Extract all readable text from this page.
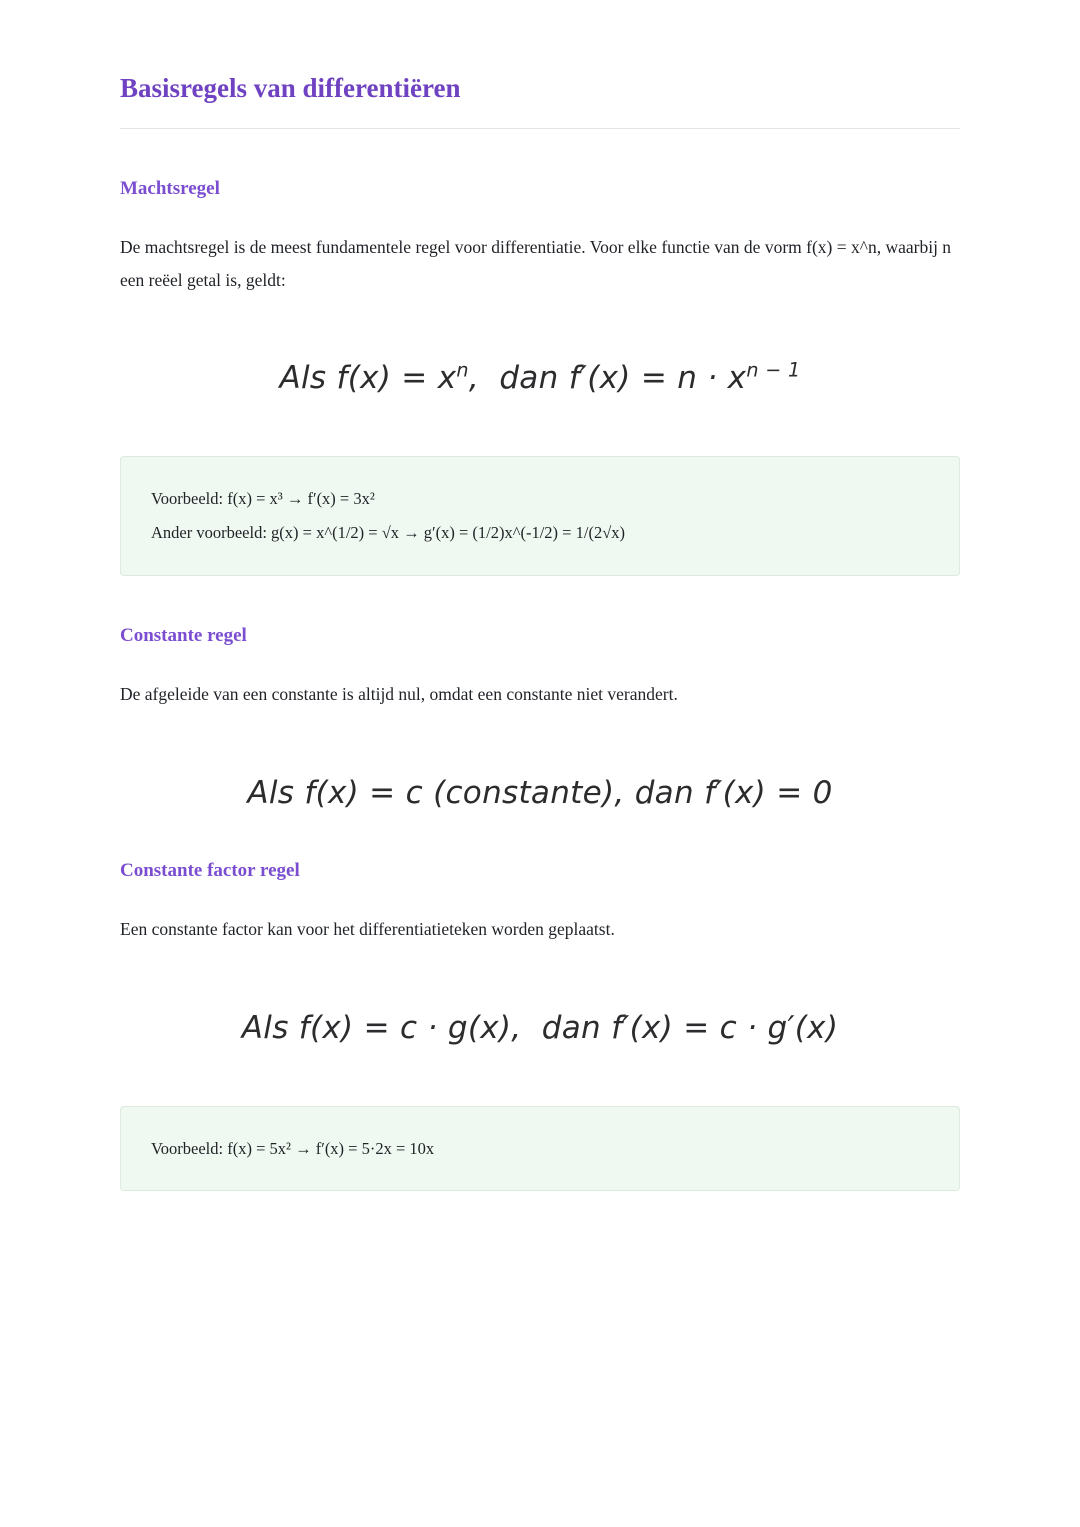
Basisregels van differentiëren
Machtsregel

De machtsregel is de meest fundamentele regel voor differentiatie. Voor elke functie van de vorm f(x) = x^n, waarbij n een reëel getal is, geldt:

Als $f(x) = x^n$,  dan $f'(x) = n \cdot x^{n - 1}$

Voorbeeld: f(x) = x³ → f′(x) = 3x²

Ander voorbeeld: g(x) = x^(1/2) = √x → g′(x) = (1/2)x^(-1/2) = 1/(2√x)

Constante regel

De afgeleide van een constante is altijd nul, omdat een constante niet verandert.

Als f(x) = c (constante), dan f′(x) = 0
Constante factor regel

Een constante factor kan voor het differentiatieteken worden geplaatst.

Als f(x) = c · g(x),  dan f′(x) = c · g′(x)

Voorbeeld: f(x) = 5x² → f′(x) = 5·2x = 10x
